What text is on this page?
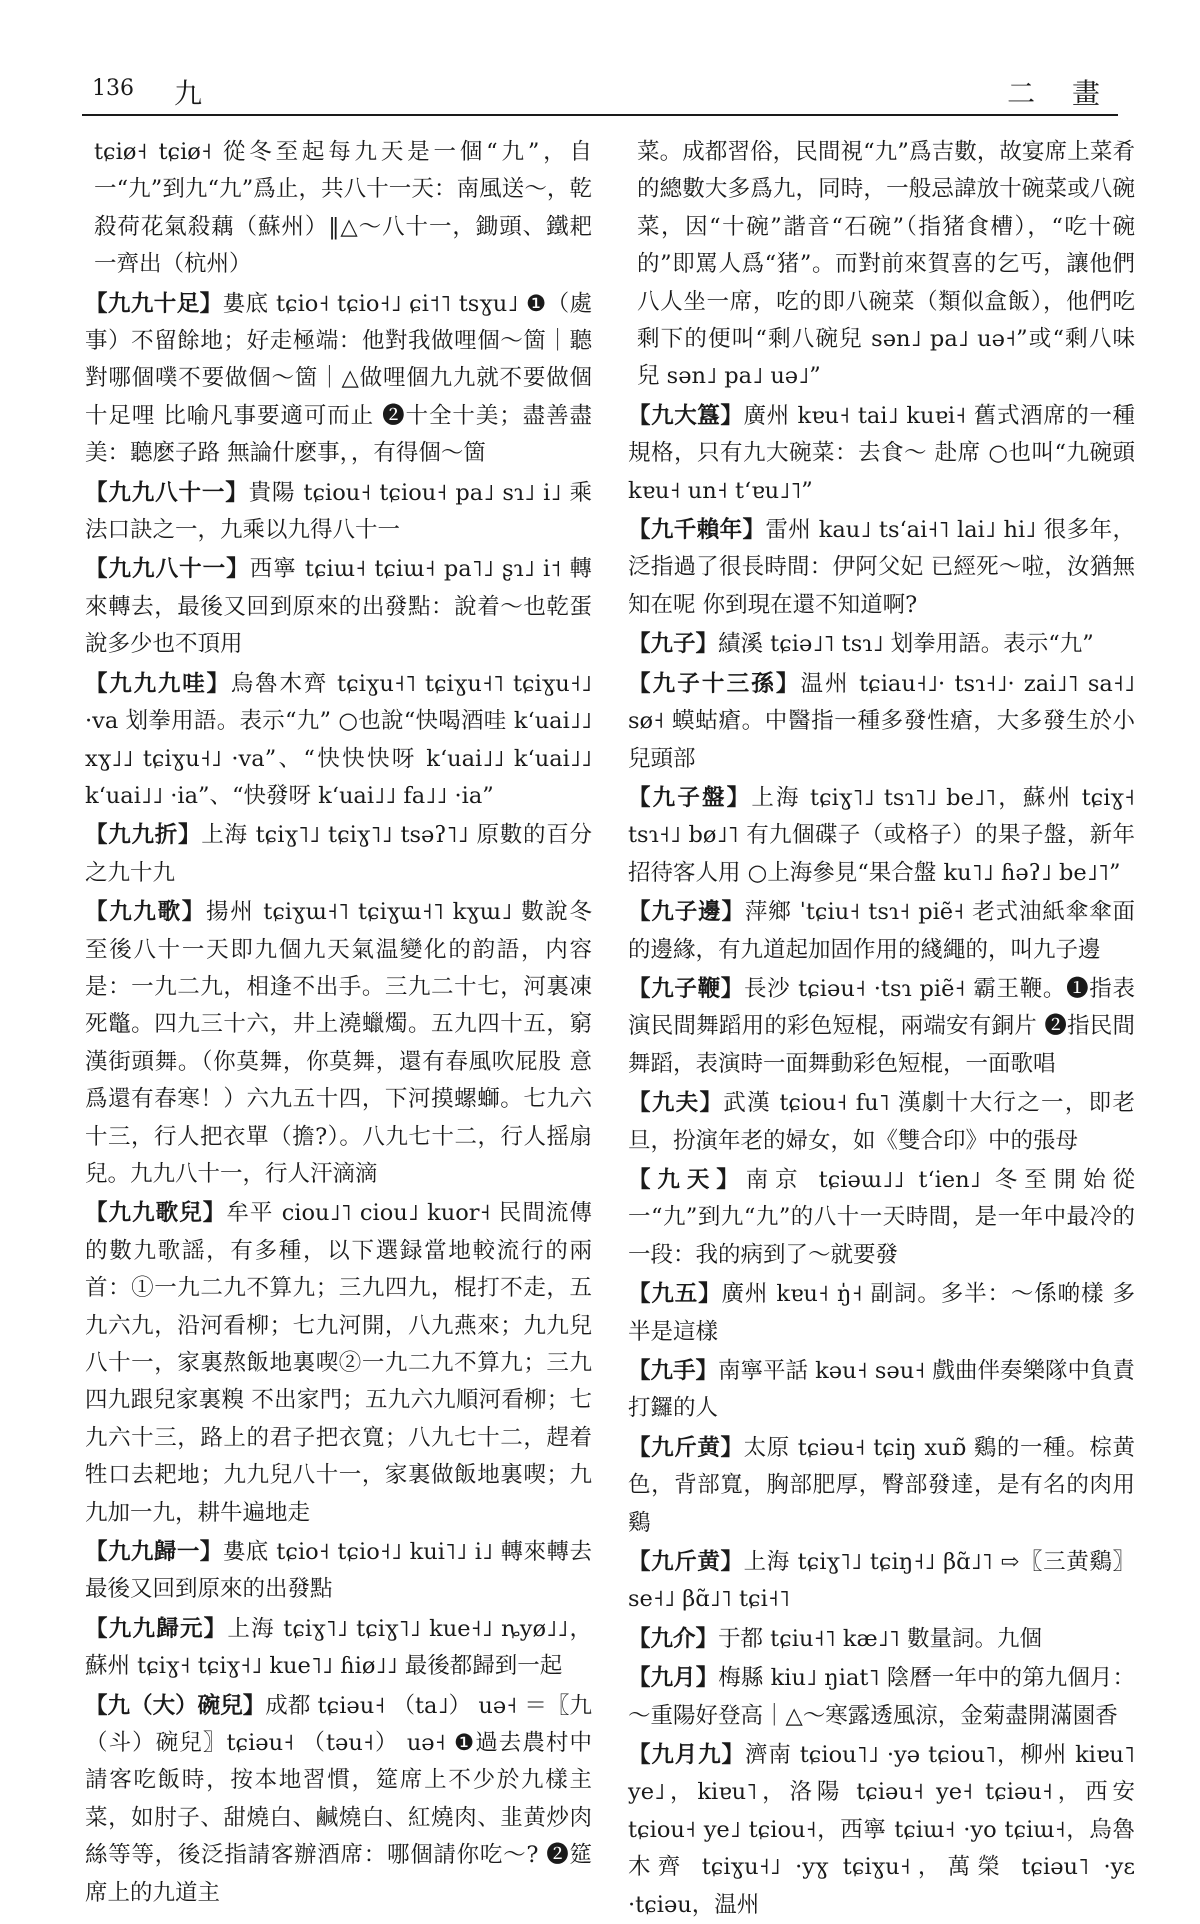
136 九	二 畫

tɕiø˧ tɕiø˧ 從冬至起每九天是一個“九”，自一“九”到九“九”爲止，共八十一天：南風送～，乾殺荷花氣殺藕（蘇州）‖△～八十一，鋤頭、鐵耙一齊出（杭州）

【九九十足】婁底 tɕio˧ tɕio˧˩ ɕi˦˥ tsɣu˩ ❶（處事）不留餘地；好走極端：他對我做哩個～箇｜聽對哪個噗不要做個～箇｜△做哩個九九就不要做個十足哩 比喻凡事要適可而止 ❷十全十美；盡善盡美：聽麽子路 無論什麽事，，有得個～箇

【九九八十一】貴陽 tɕiou˧ tɕiou˧ pa˩ sɿ˩ i˩ 乘法口訣之一，九乘以九得八十一

【九九八十一】西寧 tɕiɯ˧ tɕiɯ˧ pa˥˩ ʂɿ˩ i˦ 轉來轉去，最後又回到原來的出發點：說着～也乾蛋 說多少也不頂用

【九九九哇】烏魯木齊 tɕiɣu˧˥ tɕiɣu˧˥ tɕiɣu˧˩ ·va 划拳用語。表示“九” ○也說“快喝酒哇 kʻuai˩˩ xɣ˩˩ tɕiɣu˧˩ ·va”、“快快快呀 kʻuai˩˩ kʻuai˩˩ kʻuai˩˩ ·ia”、“快發呀 kʻuai˩˩ fa˩˩ ·ia”

【九九折】上海 tɕiɣ˥˩ tɕiɣ˥˩ tsəʔ˥˩ 原數的百分之九十九

【九九歌】揚州 tɕiɣɯ˧˥ tɕiɣɯ˧˥ kɣɯ˩ 數說冬至後八十一天即九個九天氣温變化的韵語，内容是：一九二九，相逢不出手。三九二十七，河裏凍死鼈。四九三十六，井上澆蠟燭。五九四十五，窮漢街頭舞。（你莫舞，你莫舞，還有春風吹屁股 意爲還有春寒！）六九五十四，下河摸螺螄。七九六十三，行人把衣單（擔?）。八九七十二，行人摇扇兒。九九八十一，行人汗滴滴

【九九歌兒】牟平 ciou˩˥ ciou˩ kuor˧ 民間流傳的數九歌謡，有多種，以下選録當地較流行的兩首：①一九二九不算九；三九四九，棍打不走，五九六九，沿河看柳；七九河開，八九燕來；九九兒八十一，家裏熬飯地裏喫②一九二九不算九；三九四九跟兒家裏糗 不出家門；五九六九順河看柳；七九六十三，路上的君子把衣寬；八九七十二，趕着牲口去耙地；九九兒八十一，家裏做飯地裏喫；九九加一九，耕牛遍地走

【九九歸一】婁底 tɕio˧ tɕio˧˩ kui˥˩ i˩ 轉來轉去最後又回到原來的出發點

【九九歸元】上海 tɕiɣ˥˩ tɕiɣ˥˩ kue˧˩ ȵyø˩˩，蘇州 tɕiɣ˧ tɕiɣ˧˩ kue˥˩ ɦiø˩˩ 最後都歸到一起

【九（大）碗兒】成都 tɕiəu˧ （ta˩） uə˧ ＝〖九（斗）碗兒〗tɕiəu˧ （təu˧） uə˧ ❶過去農村中請客吃飯時，按本地習慣，筵席上不少於九樣主菜，如肘子、甜燒白、鹹燒白、紅燒肉、韭黄炒肉絲等等，後泛指請客辦酒席：哪個請你吃～? ❷筵席上的九道主

菜。成都習俗，民間視“九”爲吉數，故宴席上菜肴的總數大多爲九，同時，一般忌諱放十碗菜或八碗菜，因“十碗”諧音“石碗”（指猪食槽），“吃十碗的”即罵人爲“猪”。而對前來賀喜的乞丐，讓他們八人坐一席，吃的即八碗菜（類似盒飯），他們吃剩下的便叫“剩八碗兒 sən˩ pa˩ uə˧”或“剩八味兒 sən˩ pa˩ uə˩”

【九大簋】廣州 kɐu˧ tai˩ kuɐi˧ 舊式酒席的一種規格，只有九大碗菜：去食～ 赴席 ○也叫“九碗頭 kɐu˧ un˧ tʻɐu˩˥”

【九千賴年】雷州 kau˩ tsʻai˧˥ lai˩ hi˩ 很多年，泛指過了很長時間：伊阿父妃 已經死～啦，汝猶無知在呢 你到現在還不知道啊?

【九子】績溪 tɕiə˩˥ tsɿ˩ 划拳用語。表示“九”

【九子十三孫】温州 tɕiau˧˩· tsɿ˧˩· zai˩˥ sa˧˩ sø˧ 蟆蛄瘡。中醫指一種多發性瘡，大多發生於小兒頭部

【九子盤】上海 tɕiɣ˥˩ tsɿ˥˩ be˩˥，蘇州 tɕiɣ˧ tsɿ˧˩ bø˩˥ 有九個碟子（或格子）的果子盤，新年招待客人用 ○上海參見“果合盤 ku˥˩ ɦəʔ˩ be˩˥”

【九子邊】萍鄉 ˈtɕiu˧ tsɿ˧ piẽ˧ 老式油紙傘傘面的邊緣，有九道起加固作用的綫繩的，叫九子邊

【九子鞭】長沙 tɕiəu˧ ·tsɿ piẽ˧ 霸王鞭。❶指表演民間舞蹈用的彩色短棍，兩端安有銅片 ❷指民間舞蹈，表演時一面舞動彩色短棍，一面歌唱

【九夫】武漢 tɕiou˧ fu˥ 漢劇十大行之一，即老旦，扮演年老的婦女，如《雙合印》中的張母

【九天】南京 tɕiəɯ˩˩ tʻien˩ 冬至開始從一“九”到九“九”的八十一天時間，是一年中最冷的一段：我的病到了～就要發

【九五】廣州 kɐu˧ ŋ̍˧ 副詞。多半：～係啲樣 多半是這樣

【九手】南寧平話 kəu˧ səu˧ 戲曲伴奏樂隊中負責打鑼的人

【九斤黄】太原 tɕiəu˧ tɕiŋ xuɒ̃ 鷄的一種。棕黄色，背部寬，胸部肥厚，臀部發達，是有名的肉用鷄

【九斤黄】上海 tɕiɣ˥˩ tɕiŋ˧˩ βɑ̃˩˥ ⇨〖三黄鷄〗se˧˩ βɑ̃˩˥ tɕi˧˥

【九介】于都 tɕiu˧˥ kæ˩˥ 數量詞。九個

【九月】梅縣 kiu˩ ŋiat˥ 陰曆一年中的第九個月：～重陽好登高｜△～寒露透風涼，金菊盡開滿園香

【九月九】濟南 tɕiou˥˩ ·yə tɕiou˥，柳州 kiɐu˥ ye˩，kiɐu˥，洛陽 tɕiəu˧ ye˧ tɕiəu˧，西安 tɕiou˧ ye˩ tɕiou˧，西寧 tɕiɯ˧ ·yo tɕiɯ˧，烏魯木齊 tɕiɣu˧˩ ·yɣ tɕiɣu˧，萬榮 tɕiəu˥ ·yɛ ·tɕiəu，温州
